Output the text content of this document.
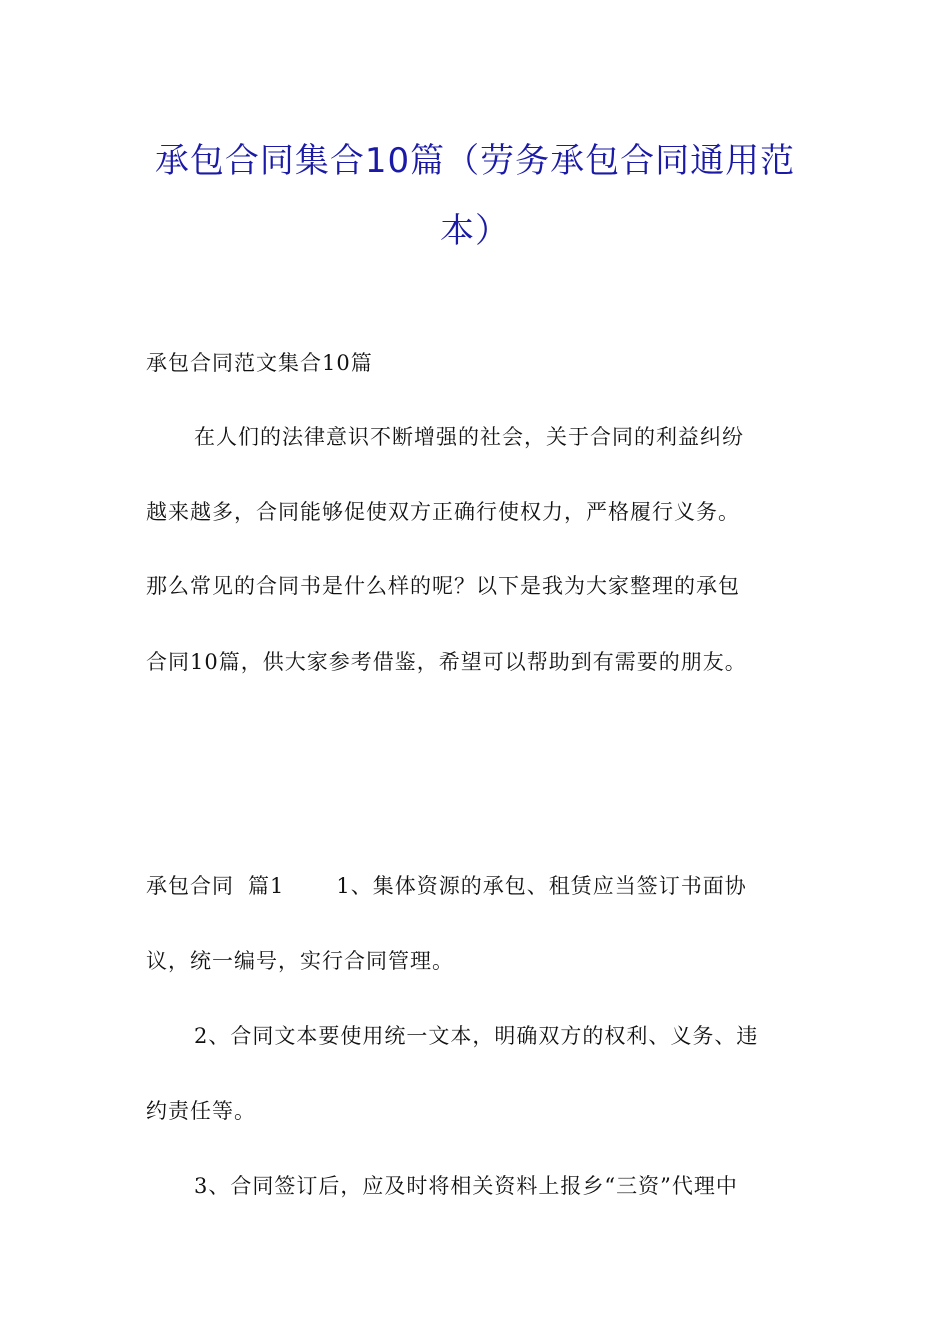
承包合同集合10篇（劳务承包合同通用范
本）
承包合同范文集合10篇
在人们的法律意识不断增强的社会，关于合同的利益纠纷
越来越多，合同能够促使双方正确行使权力，严格履行义务。
那么常见的合同书是什么样的呢？以下是我为大家整理的承包
合同10篇，供大家参考借鉴，希望可以帮助到有需要的朋友。
承包合同 篇1 1、集体资源的承包、租赁应当签订书面协
议，统一编号，实行合同管理。
2、合同文本要使用统一文本，明确双方的权利、义务、违
约责任等。
3、合同签订后，应及时将相关资料上报乡“三资”代理中
